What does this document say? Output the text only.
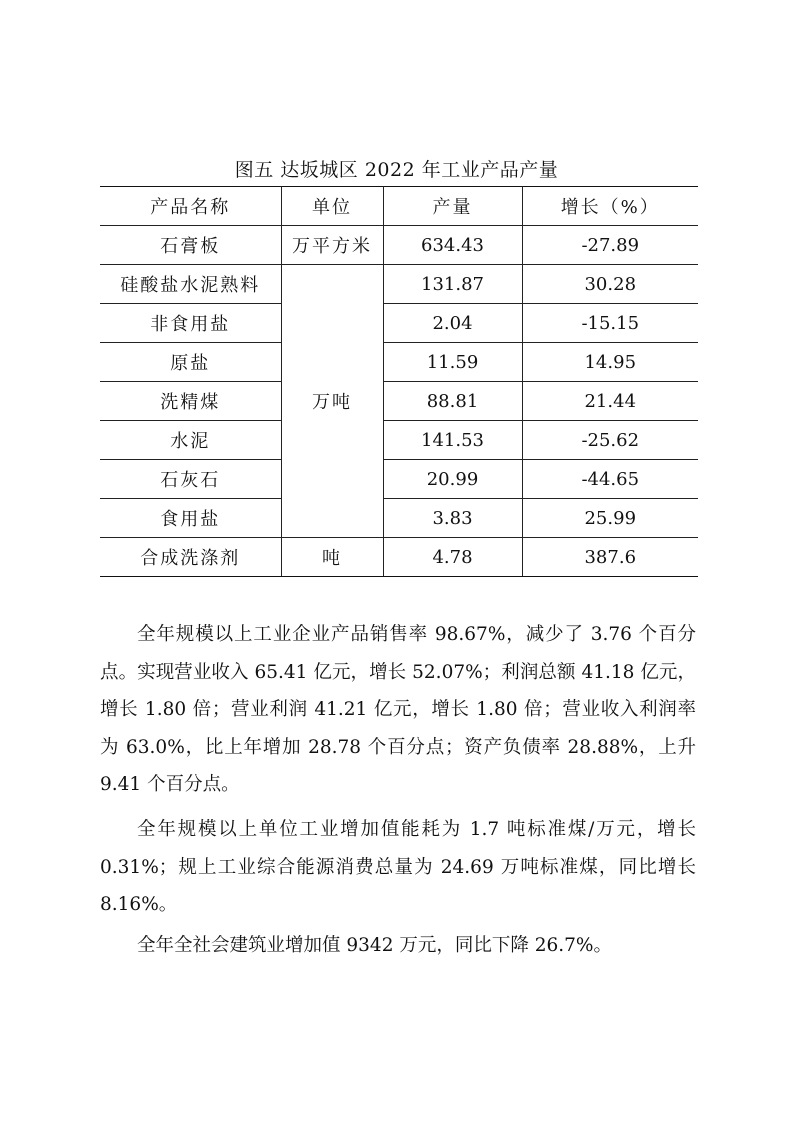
图五 达坂城区 2022 年工业产品产量
产品名称	单位	产量	增长（%）
石膏板	万平方米	634.43	-27.89
硅酸盐水泥熟料	万吨	131.87	30.28
非食用盐		2.04	-15.15
原盐		11.59	14.95
洗精煤		88.81	21.44
水泥		141.53	-25.62
石灰石		20.99	-44.65
食用盐		3.83	25.99
合成洗涤剂	吨	4.78	387.6

全年规模以上工业企业产品销售率 98.67%，减少了 3.76 个百分点。实现营业收入 65.41 亿元，增长 52.07%；利润总额 41.18 亿元，增长 1.80 倍；营业利润 41.21 亿元，增长 1.80 倍；营业收入利润率为 63.0%，比上年增加 28.78 个百分点；资产负债率 28.88%，上升 9.41 个百分点。

全年规模以上单位工业增加值能耗为 1.7 吨标准煤/万元，增长 0.31%；规上工业综合能源消费总量为 24.69 万吨标准煤，同比增长 8.16%。

全年全社会建筑业增加值 9342 万元，同比下降 26.7%。
